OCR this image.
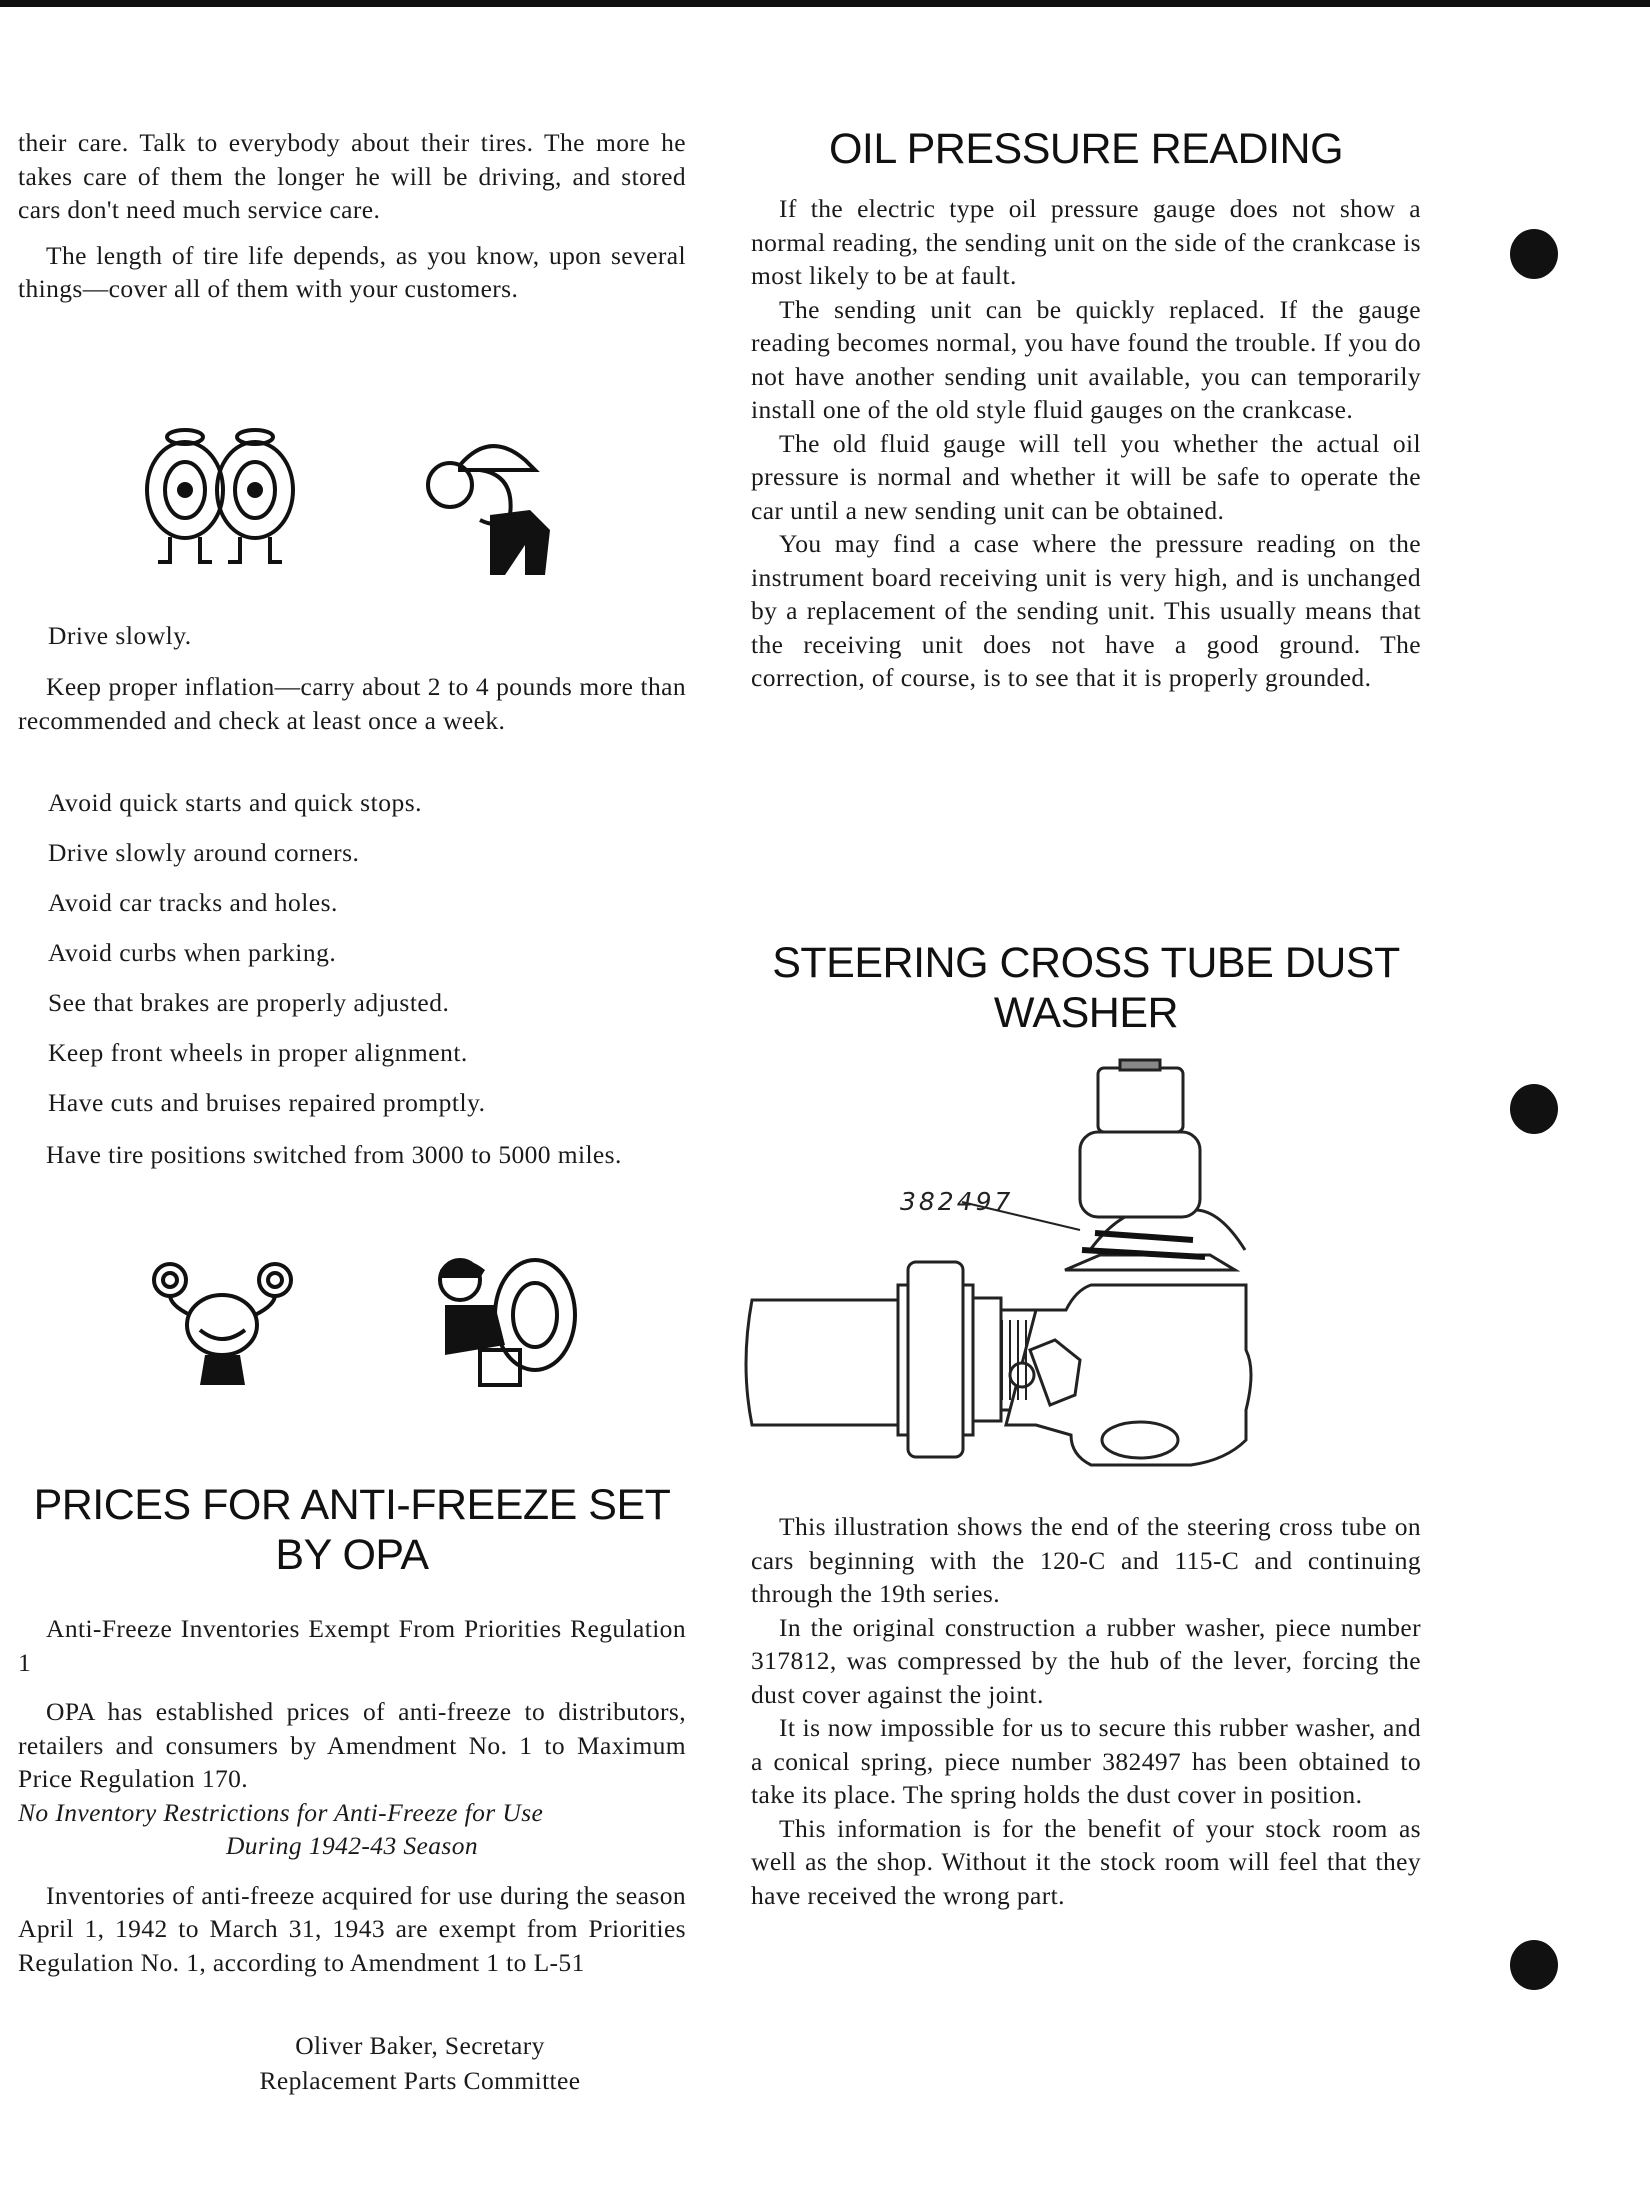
their care. Talk to everybody about their tires. The more he takes care of them the longer he will be driving, and stored cars don't need much service care.

The length of tire life depends, as you know, upon several things—cover all of them with your customers.

Drive slowly.

Keep proper inflation—carry about 2 to 4 pounds more than recommended and check at least once a week.

Avoid quick starts and quick stops.
Drive slowly around corners.
Avoid car tracks and holes.
Avoid curbs when parking.
See that brakes are properly adjusted.
Keep front wheels in proper alignment.
Have cuts and bruises repaired promptly.

Have tire positions switched from 3000 to 5000 miles.

PRICES FOR ANTI-FREEZE SET
BY OPA

Anti-Freeze Inventories Exempt From Priorities Regulation 1

OPA has established prices of anti-freeze to distributors, retailers and consumers by Amendment No. 1 to Maximum Price Regulation 170.

No Inventory Restrictions for Anti-Freeze for Use

During 1942-43 Season

Inventories of anti-freeze acquired for use during the season April 1, 1942 to March 31, 1943 are exempt from Priorities Regulation No. 1, according to Amendment 1 to L-51

Oliver Baker, Secretary
Replacement Parts Committee
OIL PRESSURE READING

If the electric type oil pressure gauge does not show a normal reading, the sending unit on the side of the crankcase is most likely to be at fault.

The sending unit can be quickly replaced. If the gauge reading becomes normal, you have found the trouble. If you do not have another sending unit available, you can temporarily install one of the old style fluid gauges on the crankcase.

The old fluid gauge will tell you whether the actual oil pressure is normal and whether it will be safe to operate the car until a new sending unit can be obtained.

You may find a case where the pressure reading on the instrument board receiving unit is very high, and is unchanged by a replacement of the sending unit. This usually means that the receiving unit does not have a good ground. The correction, of course, is to see that it is properly grounded.

STEERING CROSS TUBE DUST
WASHER
382497

This illustration shows the end of the steering cross tube on cars beginning with the 120-C and 115-C and continuing through the 19th series.

In the original construction a rubber washer, piece number 317812, was compressed by the hub of the lever, forcing the dust cover against the joint.

It is now impossible for us to secure this rubber washer, and a conical spring, piece number 382497 has been obtained to take its place. The spring holds the dust cover in position.

This information is for the benefit of your stock room as well as the shop. Without it the stock room will feel that they have received the wrong part.
